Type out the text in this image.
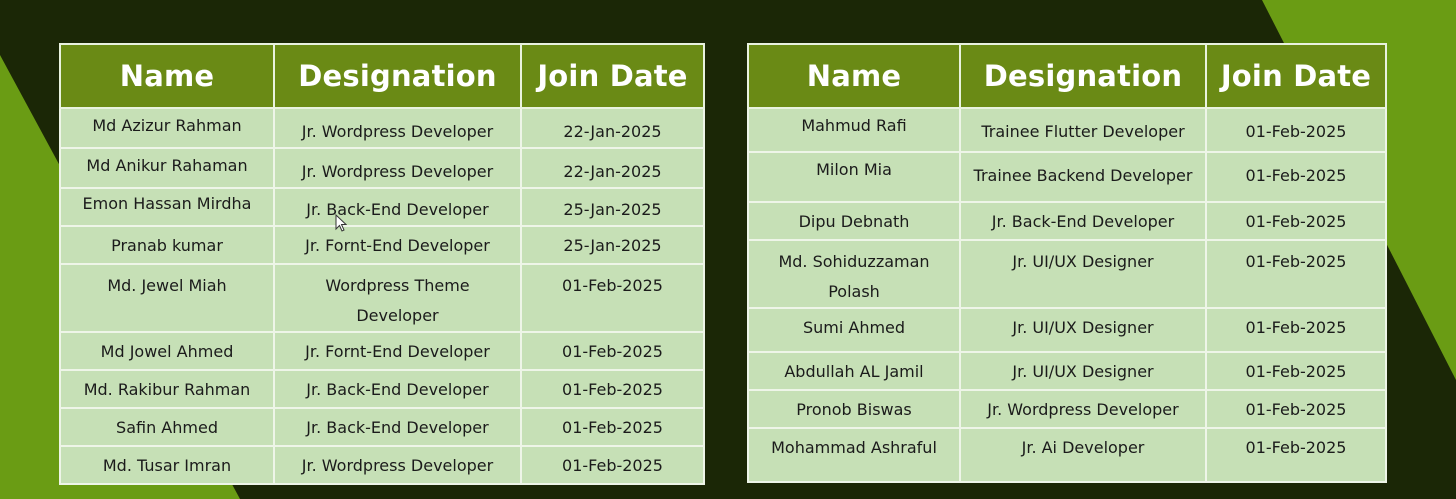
Name	Designation	Join Date
Md Azizur Rahman	Jr. Wordpress Developer	22-Jan-2025
Md Anikur Rahaman	Jr. Wordpress Developer	22-Jan-2025
Emon Hassan Mirdha	Jr. Back-End Developer	25-Jan-2025
Pranab kumar	Jr. Fornt-End Developer	25-Jan-2025
Md. Jewel Miah	Wordpress Theme Developer	01-Feb-2025
Md Jowel Ahmed	Jr. Fornt-End Developer	01-Feb-2025
Md. Rakibur Rahman	Jr. Back-End Developer	01-Feb-2025
Safin Ahmed	Jr. Back-End Developer	01-Feb-2025
Md. Tusar Imran	Jr. Wordpress Developer	01-Feb-2025
Name	Designation	Join Date
Mahmud Rafi	Trainee Flutter Developer	01-Feb-2025
Milon Mia	Trainee Backend Developer	01-Feb-2025
Dipu Debnath	Jr. Back-End Developer	01-Feb-2025
Md. Sohiduzzaman Polash	Jr. UI/UX Designer	01-Feb-2025
Sumi Ahmed	Jr. UI/UX Designer	01-Feb-2025
Abdullah AL Jamil	Jr. UI/UX Designer	01-Feb-2025
Pronob Biswas	Jr. Wordpress Developer	01-Feb-2025
Mohammad Ashraful	Jr. Ai Developer	01-Feb-2025
